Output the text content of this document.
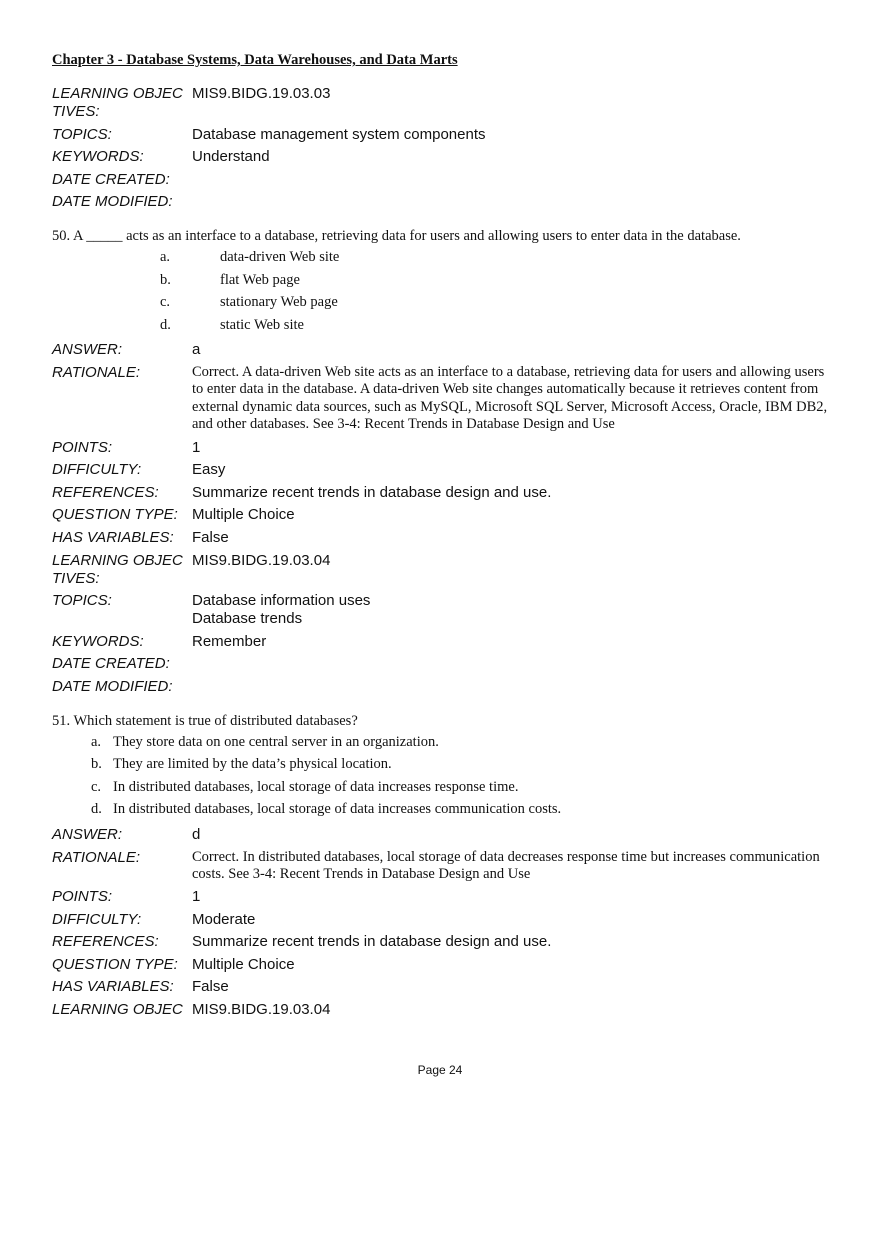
Chapter 3 - Database Systems, Data Warehouses, and Data Marts
LEARNING OBJECTIVES:
MIS9.BIDG.19.03.03
TOPICS:	Database management system components
KEYWORDS:	Understand
DATE CREATED:
DATE MODIFIED:
50. A _____ acts as an interface to a database, retrieving data for users and allowing users to enter data in the database.
a.	data-driven Web site
b.	flat Web page
c.	stationary Web page
d.	static Web site
ANSWER:	a
RATIONALE:	Correct. A data-driven Web site acts as an interface to a database, retrieving data for users and allowing users to enter data in the database. A data-driven Web site changes automatically because it retrieves content from external dynamic data sources, such as MySQL, Microsoft SQL Server, Microsoft Access, Oracle, IBM DB2, and other databases. See 3-4: Recent Trends in Database Design and Use
POINTS:	1
DIFFICULTY:	Easy
REFERENCES:	Summarize recent trends in database design and use.
QUESTION TYPE: Multiple Choice
HAS VARIABLES:	False
LEARNING OBJECTIVES:
MIS9.BIDG.19.03.04
TOPICS:	Database information uses
Database trends
KEYWORDS:	Remember
DATE CREATED:
DATE MODIFIED:
51. Which statement is true of distributed databases?
a. They store data on one central server in an organization.
b. They are limited by the data’s physical location.
c. In distributed databases, local storage of data increases response time.
d. In distributed databases, local storage of data increases communication costs.
ANSWER:	d
RATIONALE:	Correct. In distributed databases, local storage of data decreases response time but increases communication costs. See 3-4: Recent Trends in Database Design and Use
POINTS:	1
DIFFICULTY:	Moderate
REFERENCES:	Summarize recent trends in database design and use.
QUESTION TYPE: Multiple Choice
HAS VARIABLES:	False
LEARNING OBJEC MIS9.BIDG.19.03.04
Page 24
